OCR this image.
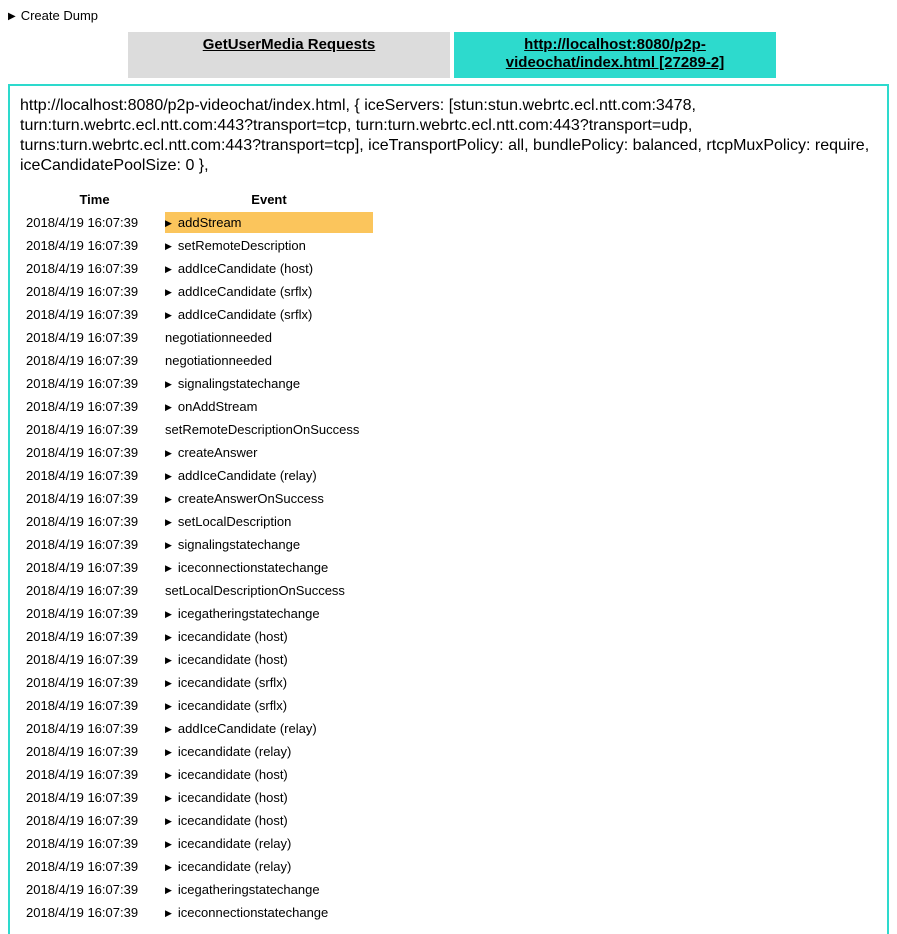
▶ Create Dump
GetUserMedia Requests	http://localhost:8080/p2p-videochat/index.html [27289-2]
http://localhost:8080/p2p-videochat/index.html, { iceServers: [stun:stun.webrtc.ecl.ntt.com:3478, turn:turn.webrtc.ecl.ntt.com:443?transport=tcp, turn:turn.webrtc.ecl.ntt.com:443?transport=udp, turns:turn.webrtc.ecl.ntt.com:443?transport=tcp], iceTransportPolicy: all, bundlePolicy: balanced, rtcpMuxPolicy: require, iceCandidatePoolSize: 0 },
Time	Event
2018/4/19 16:07:39	▶ addStream
2018/4/19 16:07:39	▶ setRemoteDescription
2018/4/19 16:07:39	▶ addIceCandidate (host)
2018/4/19 16:07:39	▶ addIceCandidate (srflx)
2018/4/19 16:07:39	▶ addIceCandidate (srflx)
2018/4/19 16:07:39	negotiationneeded
2018/4/19 16:07:39	negotiationneeded
2018/4/19 16:07:39	▶ signalingstatechange
2018/4/19 16:07:39	▶ onAddStream
2018/4/19 16:07:39	setRemoteDescriptionOnSuccess
2018/4/19 16:07:39	▶ createAnswer
2018/4/19 16:07:39	▶ addIceCandidate (relay)
2018/4/19 16:07:39	▶ createAnswerOnSuccess
2018/4/19 16:07:39	▶ setLocalDescription
2018/4/19 16:07:39	▶ signalingstatechange
2018/4/19 16:07:39	▶ iceconnectionstatechange
2018/4/19 16:07:39	setLocalDescriptionOnSuccess
2018/4/19 16:07:39	▶ icegatheringstatechange
2018/4/19 16:07:39	▶ icecandidate (host)
2018/4/19 16:07:39	▶ icecandidate (host)
2018/4/19 16:07:39	▶ icecandidate (srflx)
2018/4/19 16:07:39	▶ icecandidate (srflx)
2018/4/19 16:07:39	▶ addIceCandidate (relay)
2018/4/19 16:07:39	▶ icecandidate (relay)
2018/4/19 16:07:39	▶ icecandidate (host)
2018/4/19 16:07:39	▶ icecandidate (host)
2018/4/19 16:07:39	▶ icecandidate (host)
2018/4/19 16:07:39	▶ icecandidate (relay)
2018/4/19 16:07:39	▶ icecandidate (relay)
2018/4/19 16:07:39	▶ icegatheringstatechange
2018/4/19 16:07:39	▶ iceconnectionstatechange
